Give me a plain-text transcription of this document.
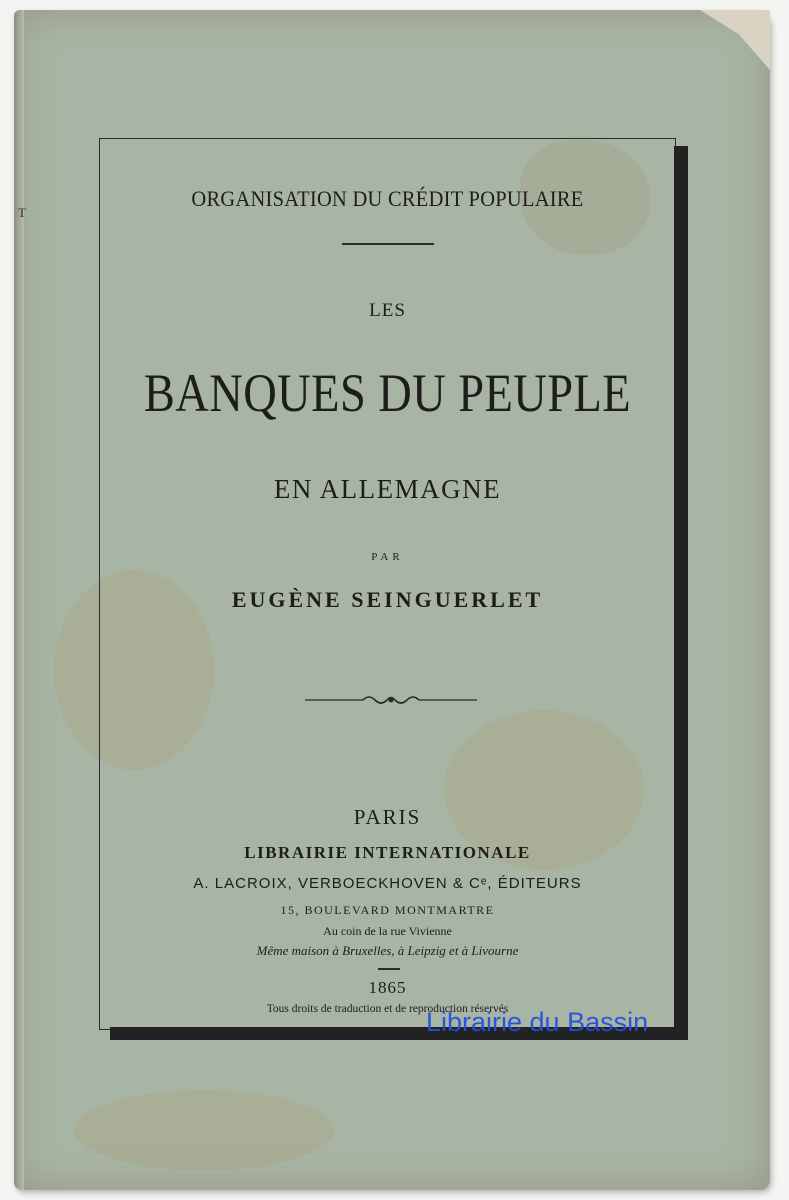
T
ORGANISATION DU CRÉDIT POPULAIRE
LES
BANQUES DU PEUPLE
EN ALLEMAGNE
PAR
EUGÈNE SEINGUERLET
PARIS
LIBRAIRIE INTERNATIONALE
A. LACROIX, VERBOECKHOVEN & Cᵉ, ÉDITEURS
15, BOULEVARD MONTMARTRE
Au coin de la rue Vivienne
Même maison à Bruxelles, à Leipzig et à Livourne
1865
Tous droits de traduction et de reproduction réservés
Librairie du Bassin
